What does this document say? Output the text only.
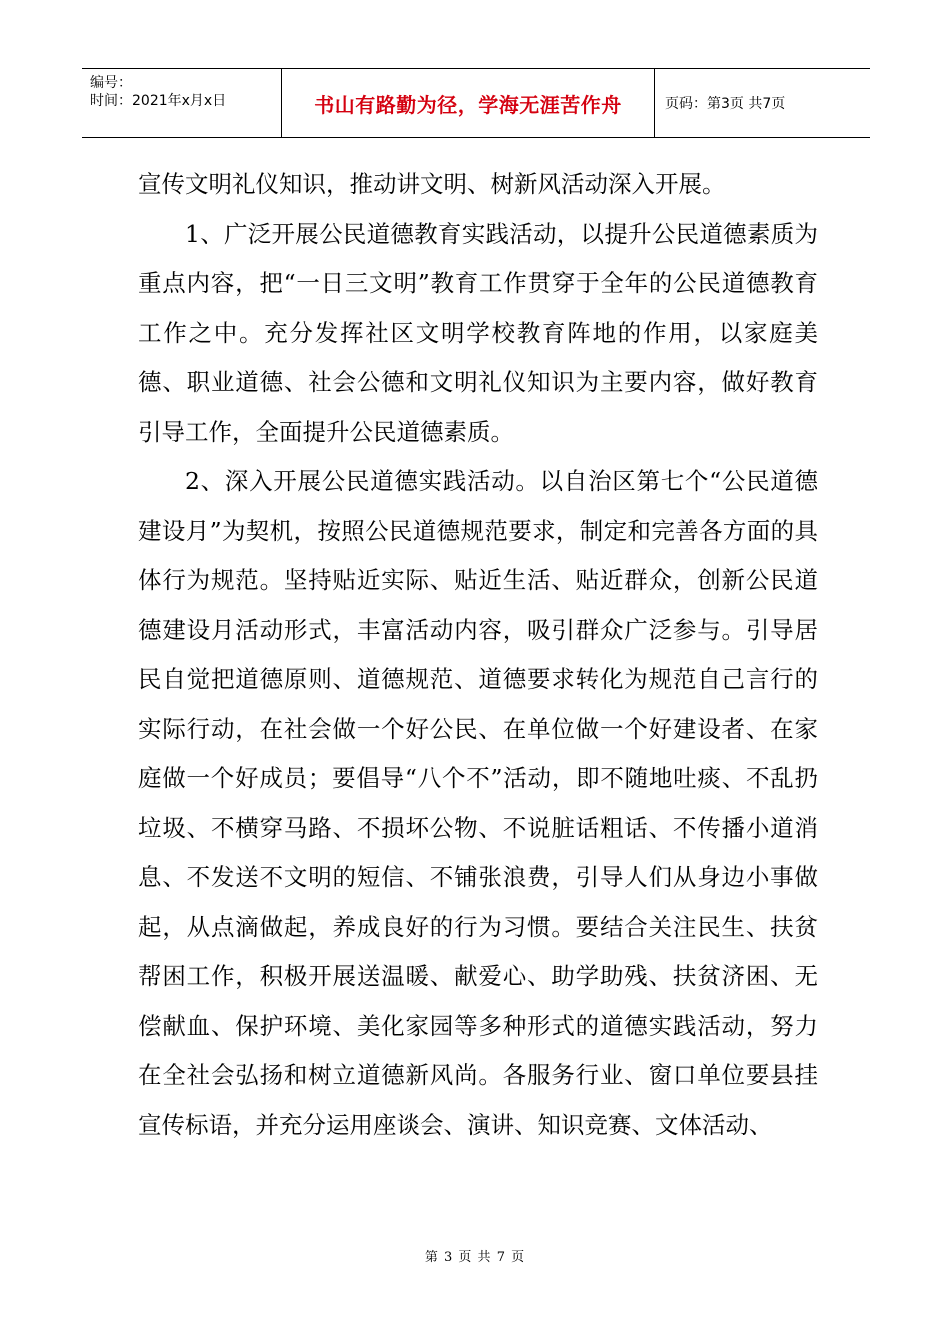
编号：
时间：2021年x月x日	书山有路勤为径，学海无涯苦作舟	页码：第3页 共7页

宣传文明礼仪知识，推动讲文明、树新风活动深入开展。

1、广泛开展公民道德教育实践活动，以提升公民道德素质为重点内容，把“一日三文明”教育工作贯穿于全年的公民道德教育工作之中。充分发挥社区文明学校教育阵地的作用，以家庭美德、职业道德、社会公德和文明礼仪知识为主要内容，做好教育引导工作，全面提升公民道德素质。

2、深入开展公民道德实践活动。以自治区第七个“公民道德建设月”为契机，按照公民道德规范要求，制定和完善各方面的具体行为规范。坚持贴近实际、贴近生活、贴近群众，创新公民道德建设月活动形式，丰富活动内容，吸引群众广泛参与。引导居民自觉把道德原则、道德规范、道德要求转化为规范自己言行的实际行动，在社会做一个好公民、在单位做一个好建设者、在家庭做一个好成员；要倡导“八个不”活动，即不随地吐痰、不乱扔垃圾、不横穿马路、不损坏公物、不说脏话粗话、不传播小道消息、不发送不文明的短信、不铺张浪费，引导人们从身边小事做起，从点滴做起，养成良好的行为习惯。要结合关注民生、扶贫帮困工作，积极开展送温暖、献爱心、助学助残、扶贫济困、无偿献血、保护环境、美化家园等多种形式的道德实践活动，努力在全社会弘扬和树立道德新风尚。各服务行业、窗口单位要县挂宣传标语，并充分运用座谈会、演讲、知识竞赛、文体活动、

第 3 页 共 7 页
